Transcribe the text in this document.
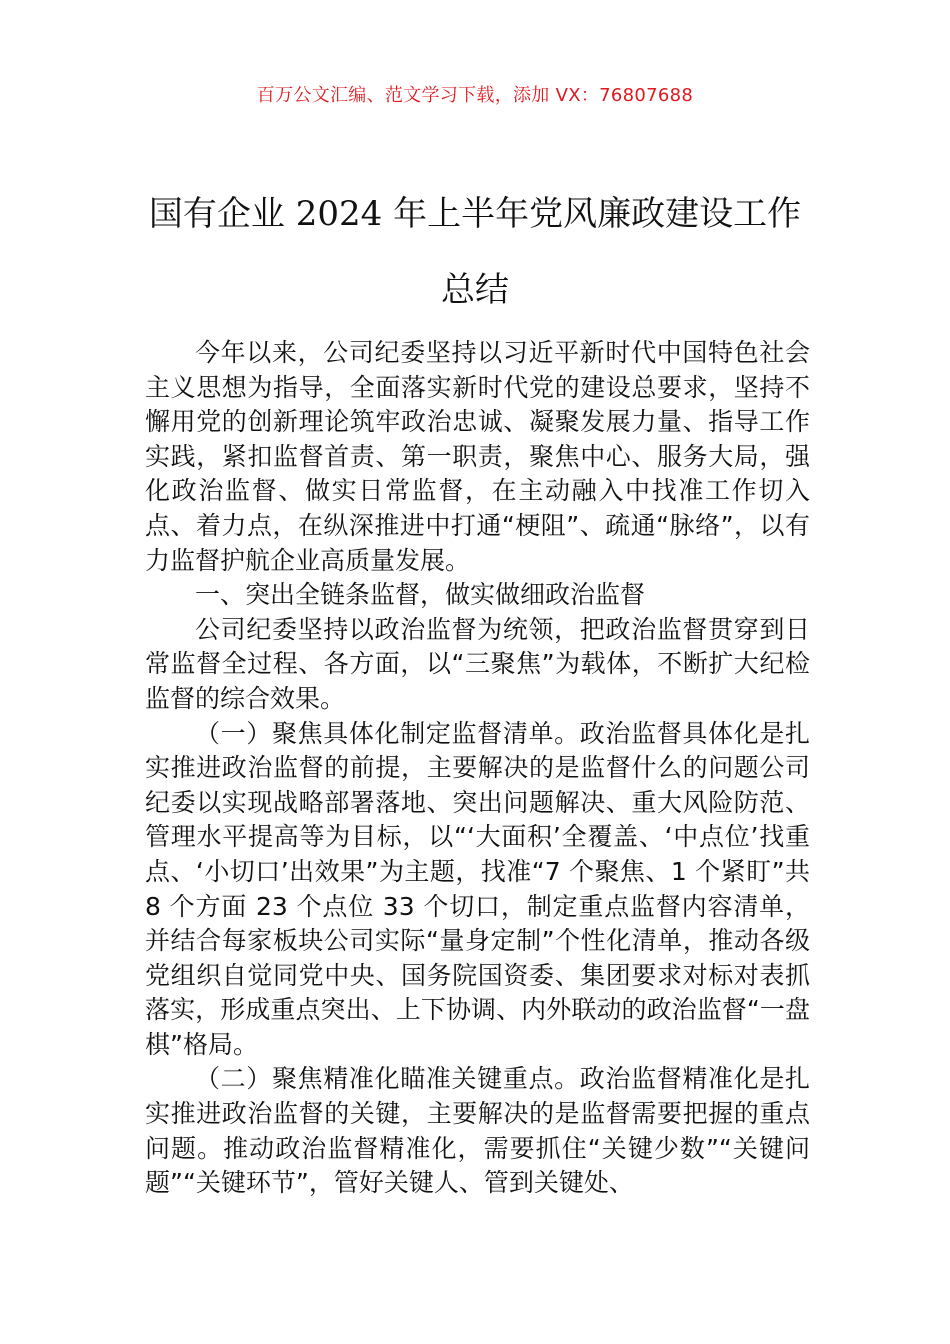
百万公文汇编、范文学习下载，添加 VX：76807688
国有企业 2024 年上半年党风廉政建设工作
总结

今年以来，公司纪委坚持以习近平新时代中国特色社会主义思想为指导，全面落实新时代党的建设总要求，坚持不懈用党的创新理论筑牢政治忠诚、凝聚发展力量、指导工作实践，紧扣监督首责、第一职责，聚焦中心、服务大局，强化政治监督、做实日常监督，在主动融入中找准工作切入点、着力点，在纵深推进中打通“梗阻”、疏通“脉络”，以有力监督护航企业高质量发展。

一、突出全链条监督，做实做细政治监督

公司纪委坚持以政治监督为统领，把政治监督贯穿到日常监督全过程、各方面，以“三聚焦”为载体，不断扩大纪检监督的综合效果。

（一）聚焦具体化制定监督清单。政治监督具体化是扎实推进政治监督的前提，主要解决的是监督什么的问题公司纪委以实现战略部署落地、突出问题解决、重大风险防范、管理水平提高等为目标，以“‘大面积’全覆盖、‘中点位’找重点、‘小切口’出效果”为主题，找准“7 个聚焦、1 个紧盯”共 8 个方面 23 个点位 33 个切口，制定重点监督内容清单，并结合每家板块公司实际“量身定制”个性化清单，推动各级党组织自觉同党中央、国务院国资委、集团要求对标对表抓落实，形成重点突出、上下协调、内外联动的政治监督“一盘棋”格局。

（二）聚焦精准化瞄准关键重点。政治监督精准化是扎实推进政治监督的关键，主要解决的是监督需要把握的重点问题。推动政治监督精准化，需要抓住“关键少数”“关键问题”“关键环节”，管好关键人、管到关键处、
